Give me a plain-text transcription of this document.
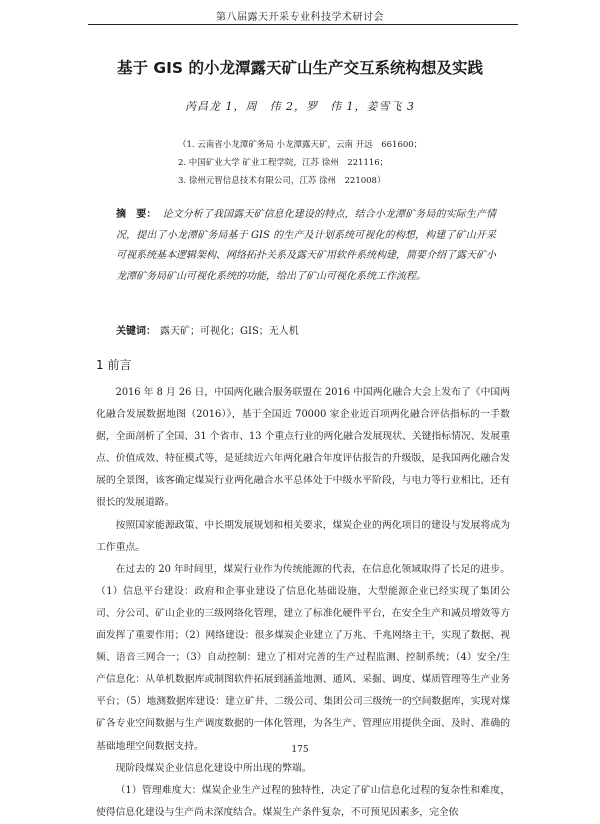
第八届露天开采专业科技学术研讨会
基于 GIS 的小龙潭露天矿山生产交互系统构想及实践
芮昌龙 1，周　伟 2，罗　伟 1，姜雪飞 3
（1. 云南省小龙潭矿务局 小龙潭露天矿，云南 开远　661600；
2. 中国矿业大学 矿业工程学院，江苏 徐州　221116；
3. 徐州元智信息技术有限公司，江苏 徐州　221008）
摘　要： 论文分析了我国露天矿信息化建设的特点，结合小龙潭矿务局的实际生产情况，提出了小龙潭矿务局基于 GIS 的生产及计划系统可视化的构想，构建了矿山开采可视系统基本逻辑架构、网络拓扑关系及露天矿用软件系统构建，简要介绍了露天矿小龙潭矿务局矿山可视化系统的功能，给出了矿山可视化系统工作流程。
关键词： 露天矿；可视化；GIS；无人机
1 前言

2016 年 8 月 26 日，中国两化融合服务联盟在 2016 中国两化融合大会上发布了《中国两化融合发展数据地图（2016）》，基于全国近 70000 家企业近百项两化融合评估指标的一手数据，全面剖析了全国、31 个省市、13 个重点行业的两化融合发展现状、关键指标情况、发展重点、价值成效、特征模式等，是延续近六年两化融合年度评估报告的升级版，是我国两化融合发展的全景图，该客确定煤炭行业两化融合水平总体处于中级水平阶段，与电力等行业相比，还有很长的发展道路。

按照国家能源政策、中长期发展规划和相关要求，煤炭企业的两化项目的建设与发展将成为工作重点。

在过去的 20 年时间里，煤炭行业作为传统能源的代表，在信息化领域取得了长足的进步。（1）信息平台建设：政府和企事业建设了信息化基础设施，大型能源企业已经实现了集团公司、分公司、矿山企业的三级网络化管理，建立了标准化硬件平台，在安全生产和减员增效等方面发挥了重要作用；（2）网络建设：很多煤炭企业建立了万兆、千兆网络主干，实现了数据、视频、语音三网合一；（3）自动控制：建立了相对完善的生产过程监测、控制系统；（4）安全/生产信息化：从单机数据库或制图软件拓展到涵盖地测、通风、采掘、调度、煤质管理等生产业务平台；（5）地测数据库建设：建立矿井、二级公司、集团公司三级统一的空间数据库，实现对煤矿各专业空间数据与生产调度数据的一体化管理，为各生产、管理应用提供全面、及时、准确的基础地理空间数据支持。

现阶段煤炭企业信息化建设中所出现的弊端。

（1）管理难度大：煤炭企业生产过程的独特性，决定了矿山信息化过程的复杂性和难度，使得信息化建设与生产尚未深度结合。煤炭生产条件复杂，不可预见因素多，完全依

175
